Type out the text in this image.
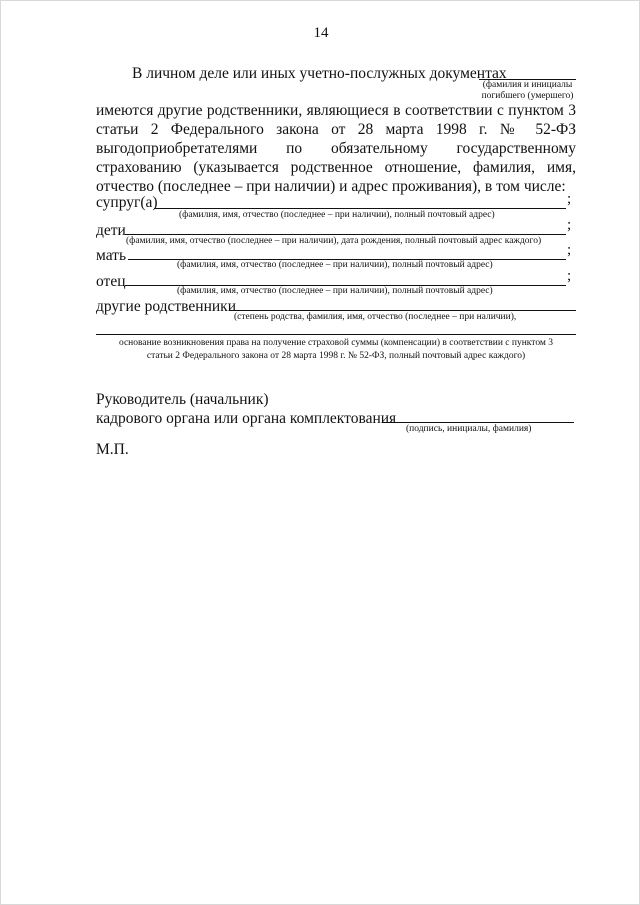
14
В личном деле или иных учетно-послужных документах
(фамилия и инициалы
погибшего (умершего)
имеются другие родственники, являющиеся в соответствии с пунктом 3 статьи 2 Федерального закона от 28 марта 1998 г. № 52-ФЗ выгодоприобретателями по обязательному государственному страхованию (указывается родственное отношение, фамилия, имя, отчество (последнее – при наличии) и адрес проживания), в том числе:
супруг(а)	;
(фамилия, имя, отчество (последнее – при наличии), полный почтовый адрес)
дети	;
(фамилия, имя, отчество (последнее – при наличии), дата рождения, полный почтовый адрес каждого)
мать	;
(фамилия, имя, отчество (последнее – при наличии), полный почтовый адрес)
отец	;
(фамилия, имя, отчество (последнее – при наличии), полный почтовый адрес)
другие родственники
(степень родства, фамилия, имя, отчество (последнее – при наличии),
основание возникновения права на получение страховой суммы (компенсации) в соответствии с пунктом 3
статьи 2 Федерального закона от 28 марта 1998 г. № 52-ФЗ, полный почтовый адрес каждого)
Руководитель (начальник)
кадрового органа или органа комплектования
(подпись, инициалы, фамилия)
М.П.
